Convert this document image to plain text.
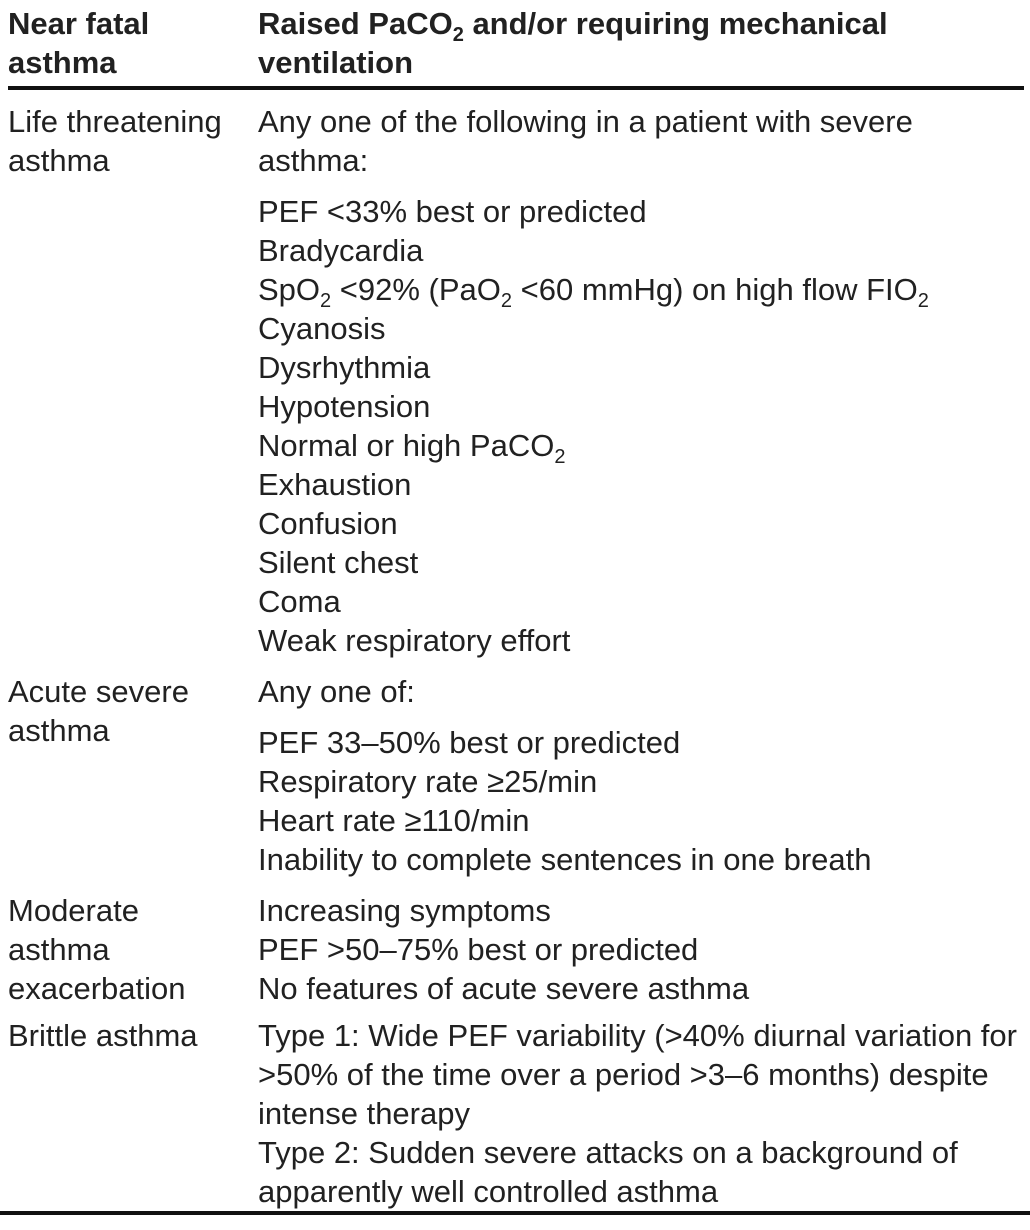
Near fatal asthma
Raised PaCO$_2$ and/or requiring mechanical ventilation
Life threatening asthma
Any one of the following in a patient with severe asthma:
PEF <33% best or predicted
Bradycardia
SpO$_2$ <92% (PaO$_2$ <60 mmHg) on high flow $FIO_2$
Cyanosis
Dysrhythmia
Hypotension
Normal or high PaCO$_2$
Exhaustion
Confusion
Silent chest
Coma
Weak respiratory effort
Acute severe asthma
Any one of:
PEF 33–50% best or predicted
Respiratory rate ≥25/min
Heart rate ≥110/min
Inability to complete sentences in one breath
Moderate asthma exacerbation
Increasing symptoms
PEF >50–75% best or predicted
No features of acute severe asthma
Brittle asthma	Type 1: Wide PEF variability (>40% diurnal variation for >50% of the time over a period >3–6 months) despite intense therapy
Type 2: Sudden severe attacks on a background of apparently well controlled asthma
